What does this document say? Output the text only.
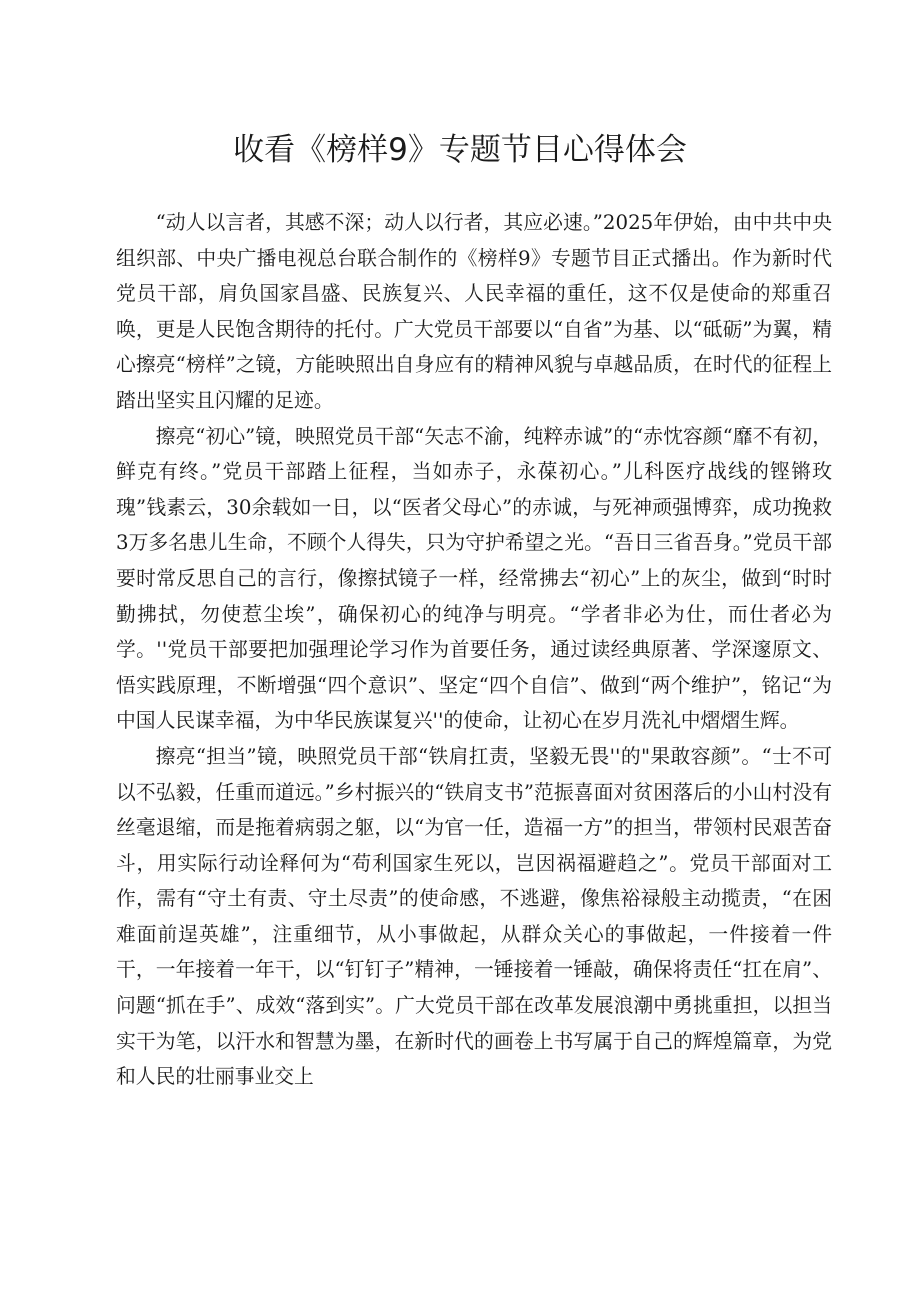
收看《榜样9》专题节目心得体会

“动人以言者，其感不深；动人以行者，其应必速。”2025年伊始，由中共中央组织部、中央广播电视总台联合制作的《榜样9》专题节目正式播出。作为新时代党员干部，肩负国家昌盛、民族复兴、人民幸福的重任，这不仅是使命的郑重召唤，更是人民饱含期待的托付。广大党员干部要以“自省”为基、以“砥砺”为翼，精心擦亮“榜样”之镜，方能映照出自身应有的精神风貌与卓越品质，在时代的征程上踏出坚实且闪耀的足迹。

擦亮“初心”镜，映照党员干部“矢志不渝，纯粹赤诚”的“赤忱容颜“靡不有初，鲜克有终。”党员干部踏上征程，当如赤子，永葆初心。”儿科医疗战线的铿锵玫瑰”钱素云，30余载如一日，以“医者父母心”的赤诚，与死神顽强博弈，成功挽救3万多名患儿生命，不顾个人得失，只为守护希望之光。“吾日三省吾身。”党员干部要时常反思自己的言行，像擦拭镜子一样，经常拂去“初心”上的灰尘，做到“时时勤拂拭，勿使惹尘埃”，确保初心的纯净与明亮。“学者非必为仕，而仕者必为学。''党员干部要把加强理论学习作为首要任务，通过读经典原著、学深邃原文、悟实践原理，不断增强“四个意识”、坚定“四个自信”、做到“两个维护”，铭记“为中国人民谋幸福，为中华民族谋复兴''的使命，让初心在岁月洗礼中熠熠生辉。

擦亮“担当”镜，映照党员干部“铁肩扛责，坚毅无畏''的"果敢容颜”。“士不可以不弘毅，任重而道远。”乡村振兴的“铁肩支书”范振喜面对贫困落后的小山村没有丝毫退缩，而是拖着病弱之躯，以“为官一任，造福一方”的担当，带领村民艰苦奋斗，用实际行动诠释何为“苟利国家生死以，岂因祸福避趋之”。党员干部面对工作，需有“守土有责、守土尽责”的使命感，不逃避，像焦裕禄般主动揽责，“在困难面前逞英雄”，注重细节，从小事做起，从群众关心的事做起，一件接着一件干，一年接着一年干，以“钉钉子”精神，一锤接着一锤敲，确保将责任“扛在肩”、问题“抓在手”、成效“落到实”。广大党员干部在改革发展浪潮中勇挑重担，以担当实干为笔，以汗水和智慧为墨，在新时代的画卷上书写属于自己的辉煌篇章，为党和人民的壮丽事业交上
